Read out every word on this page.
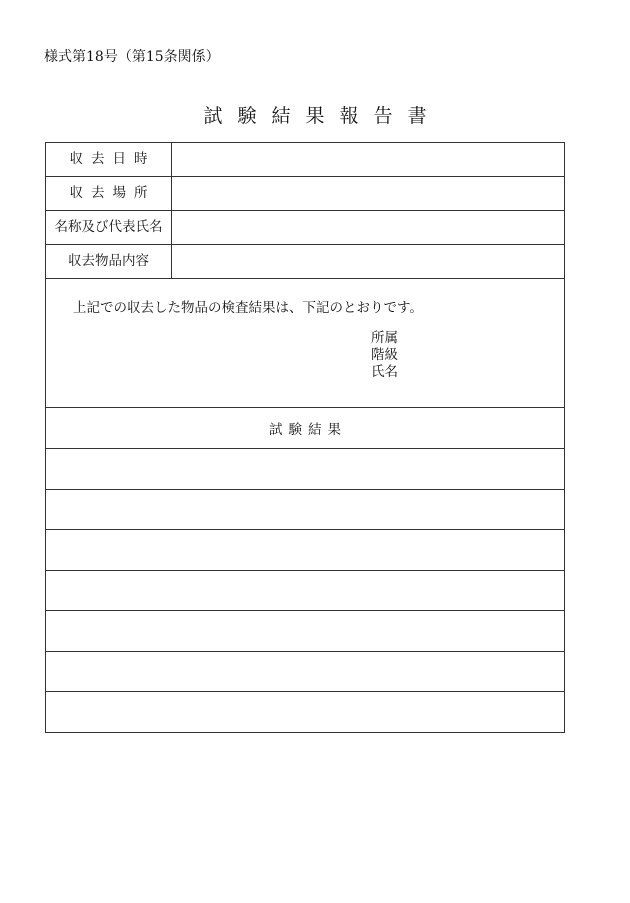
様式第18号（第15条関係）
試験結果報告書
収去日時	
収去場所	
名称及び代表氏名	
収去物品内容	

上記での収去した物品の検査結果は、下記のとおりです。
所属
階級
氏名	

試験結果	
